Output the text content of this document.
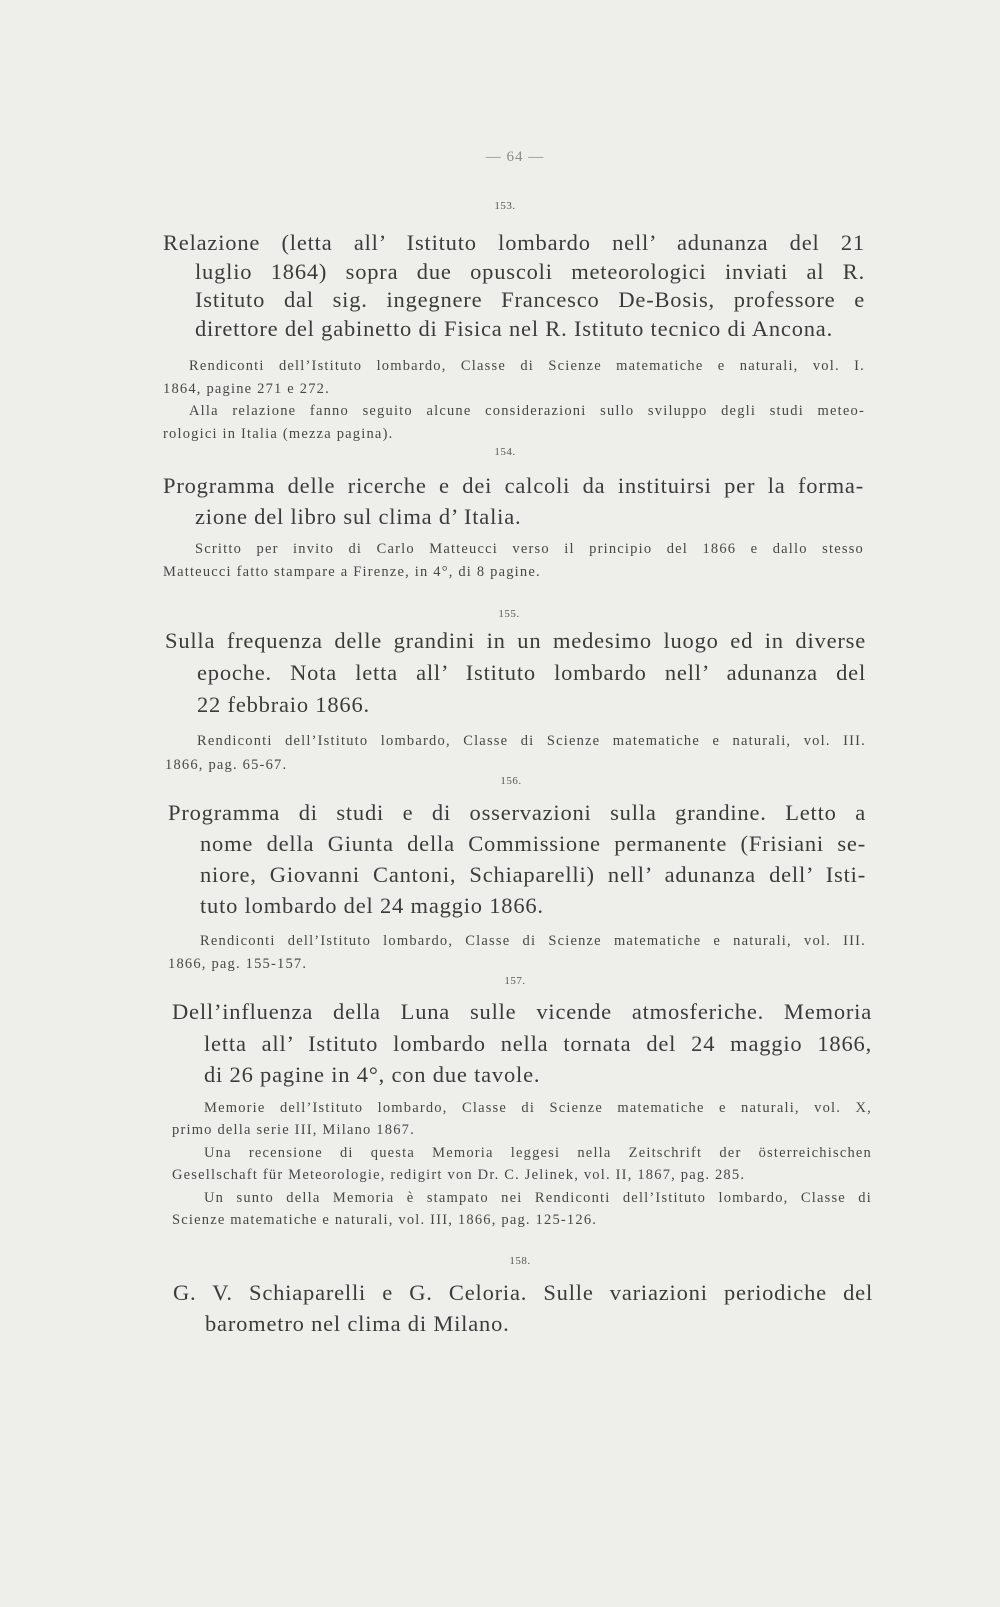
— 64 —
153.
Relazione (letta all’ Istituto lombardo nell’ adunanza del 21
luglio 1864) sopra due opuscoli meteorologici inviati al R.
Istituto dal sig. ingegnere Francesco De-Bosis, professore e
direttore del gabinetto di Fisica nel R. Istituto tecnico di Ancona.
Rendiconti dell’Istituto lombardo, Classe di Scienze matematiche e naturali, vol. I.
1864, pagine 271 e 272.
Alla relazione fanno seguito alcune considerazioni sullo sviluppo degli studi meteo-
rologici in Italia (mezza pagina).
154.
Programma delle ricerche e dei calcoli da instituirsi per la forma-
zione del libro sul clima d’ Italia.
Scritto per invito di Carlo Matteucci verso il principio del 1866 e dallo stesso
Matteucci fatto stampare a Firenze, in 4°, di 8 pagine.
155.
Sulla frequenza delle grandini in un medesimo luogo ed in diverse
epoche. Nota letta all’ Istituto lombardo nell’ adunanza del
22 febbraio 1866.
Rendiconti dell’Istituto lombardo, Classe di Scienze matematiche e naturali, vol. III.
1866, pag. 65-67.
156.
Programma di studi e di osservazioni sulla grandine. Letto a
nome della Giunta della Commissione permanente (Frisiani se-
niore, Giovanni Cantoni, Schiaparelli) nell’ adunanza dell’ Isti-
tuto lombardo del 24 maggio 1866.
Rendiconti dell’Istituto lombardo, Classe di Scienze matematiche e naturali, vol. III.
1866, pag. 155-157.
157.
Dell’influenza della Luna sulle vicende atmosferiche. Memoria
letta all’ Istituto lombardo nella tornata del 24 maggio 1866,
di 26 pagine in 4°, con due tavole.
Memorie dell’Istituto lombardo, Classe di Scienze matematiche e naturali, vol. X,
primo della serie III, Milano 1867.
Una recensione di questa Memoria leggesi nella Zeitschrift der österreichischen
Gesellschaft für Meteorologie, redigirt von Dr. C. Jelinek, vol. II, 1867, pag. 285.
Un sunto della Memoria è stampato nei Rendiconti dell’Istituto lombardo, Classe di
Scienze matematiche e naturali, vol. III, 1866, pag. 125-126.
158.
G. V. Schiaparelli e G. Celoria. Sulle variazioni periodiche del
barometro nel clima di Milano.
